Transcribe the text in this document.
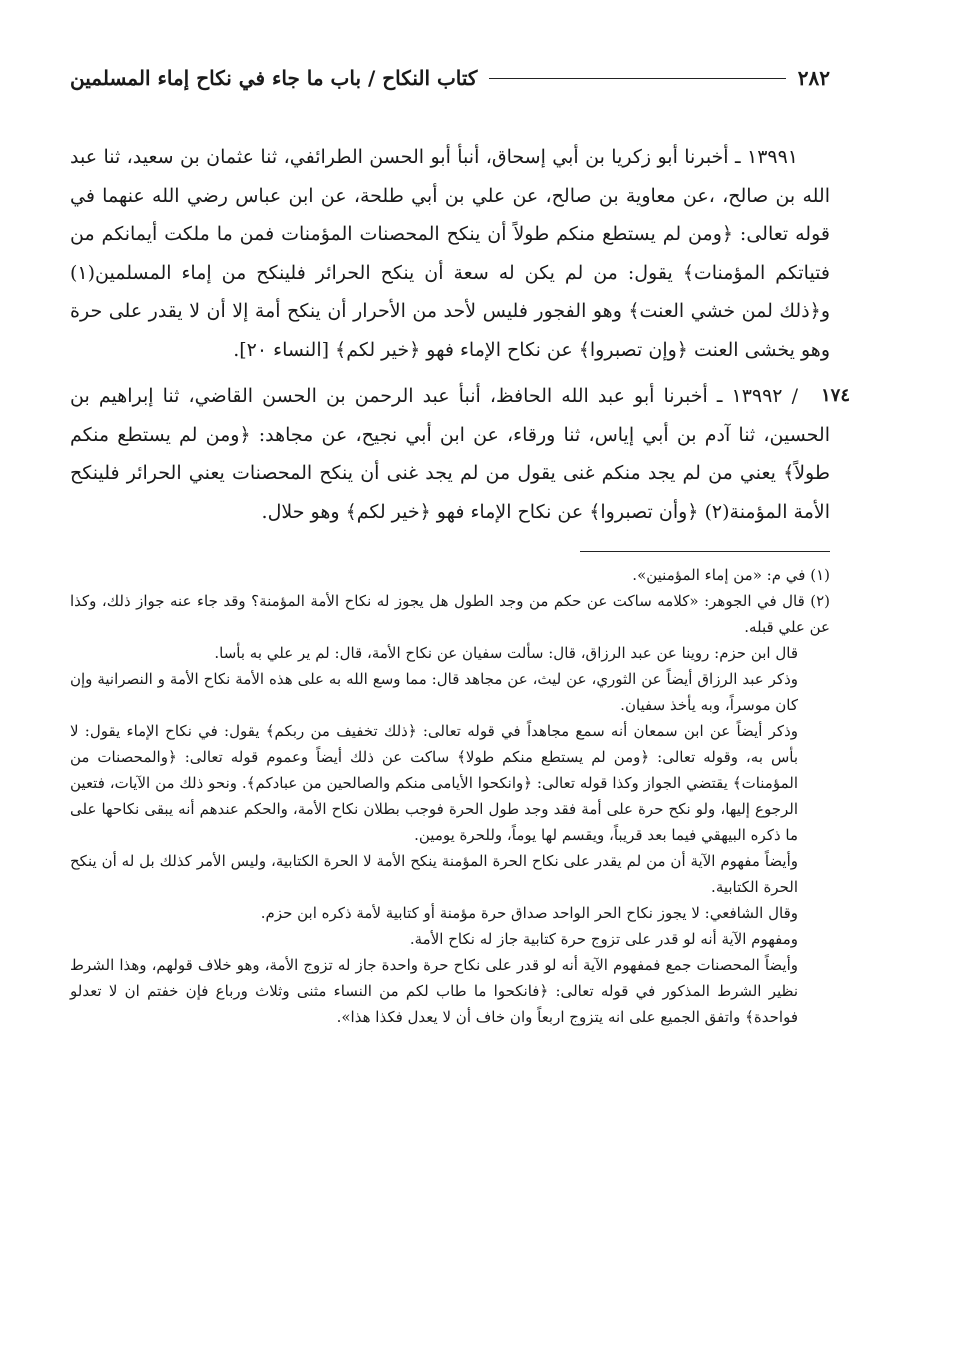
٢٨٢
كتاب النكاح / باب ما جاء في نكاح إماء المسلمين

١٣٩٩١ ـ أخبرنا أبو زكريا بن أبي إسحاق، أنبأ أبو الحسن الطرائفي، ثنا عثمان بن سعيد، ثنا عبد الله بن صالح، ،عن معاوية بن صالح، عن علي بن أبي طلحة، عن ابن عباس رضي الله عنهما في قوله تعالى: ﴿ومن لم يستطع منكم طولاً أن ينكح المحصنات المؤمنات فمن ما ملكت أيمانكم من فتياتكم المؤمنات﴾ يقول: من لم يكن له سعة أن ينكح الحرائر فلينكح من إماء المسلمين(١) و﴿ذلك لمن خشي العنت﴾ وهو الفجور فليس لأحد من الأحرار أن ينكح أمة إلا أن لا يقدر على حرة وهو يخشى العنت ﴿وإن تصبروا﴾ عن نكاح الإماء فهو ﴿خير لكم﴾ [النساء ٢٠].

١٧٤
/ ١٣٩٩٢ ـ أخبرنا أبو عبد الله الحافظ، أنبأ عبد الرحمن بن الحسن القاضي، ثنا إبراهيم بن الحسين، ثنا آدم بن أبي إياس، ثنا ورقاء، عن ابن أبي نجيح، عن مجاهد: ﴿ومن لم يستطع منكم طولاً﴾ يعني من لم يجد منكم غنى يقول من لم يجد غنى أن ينكح المحصنات يعني الحرائر فلينكح الأمة المؤمنة(٢) ﴿وأن تصبروا﴾ عن نكاح الإماء فهو ﴿خير لكم﴾ وهو حلال.

(١) في م: «من إماء المؤمنين».

(٢) قال في الجوهر: «كلامه ساكت عن حكم من وجد الطول هل يجوز له نكاح الأمة المؤمنة؟ وقد جاء عنه جواز ذلك، وكذا عن علي قبله.

قال ابن حزم: روينا عن عبد الرزاق، قال: سألت سفيان عن نكاح الأمة، قال: لم ير علي به بأسا.

وذكر عبد الرزاق أيضاً عن الثوري، عن ليث، عن مجاهد قال: مما وسع الله به على هذه الأمة نكاح الأمة و النصرانية وإن كان موسراً، وبه يأخذ سفيان.

وذكر أيضاً عن ابن سمعان أنه سمع مجاهداً في قوله تعالى: ﴿ذلك تخفيف من ربكم﴾ يقول: في نكاح الإماء يقول: لا بأس به، وقوله تعالى: ﴿ومن لم يستطع منكم طولا﴾ ساكت عن ذلك أيضاً وعموم قوله تعالى: ﴿والمحصنات من المؤمنات﴾ يقتضي الجواز وكذا قوله تعالى: ﴿وانكحوا الأيامى منكم والصالحين من عبادكم﴾. ونحو ذلك من الآيات، فتعين الرجوع إليها، ولو نكح حرة على أمة فقد وجد طول الحرة فوجب بطلان نكاح الأمة، والحكم عندهم أنه يبقى نكاحها على ما ذكره البيهقي فيما بعد قريباً، ويقسم لها يوماً، وللحرة يومين.

وأيضاً مفهوم الآية أن من لم يقدر على نكاح الحرة المؤمنة ينكح الأمة لا الحرة الكتابية، وليس الأمر كذلك بل له أن ينكح الحرة الكتابية.

وقال الشافعي: لا يجوز نكاح الحر الواحد صداق حرة مؤمنة أو كتابية لأمة ذكره ابن حزم.

ومفهوم الآية أنه لو قدر على تزوج حرة كتابية جاز له نكاح الأمة.

وأيضاً المحصنات جمع فمفهوم الآية أنه لو قدر على نكاح حرة واحدة جاز له تزوج الأمة، وهو خلاف قولهم، وهذا الشرط نظير الشرط المذكور في قوله تعالى: ﴿فانكحوا ما طاب لكم من النساء مثنى وثلاث ورباع فإن خفتم ان لا تعدلو فواحدة﴾ واتفق الجميع على انه يتزوج اربعاً وان خاف أن لا يعدل فكذا هذا».
